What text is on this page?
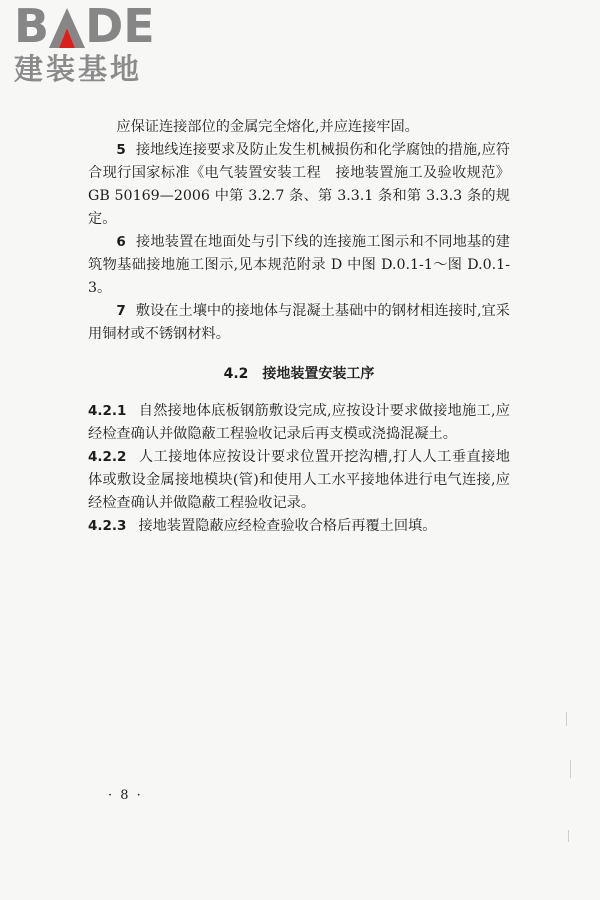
B DE
建装基地

应保证连接部位的金属完全熔化,并应连接牢固。

5 接地线连接要求及防止发生机械损伤和化学腐蚀的措施,应符合现行国家标准《电气装置安装工程　接地装置施工及验收规范》GB 50169—2006 中第 3.2.7 条、第 3.3.1 条和第 3.3.3 条的规定。

6 接地装置在地面处与引下线的连接施工图示和不同地基的建筑物基础接地施工图示,见本规范附录 D 中图 D.0.1-1～图 D.0.1-3。

7 敷设在土壤中的接地体与混凝土基础中的钢材相连接时,宜采用铜材或不锈钢材料。

4.2 接地装置安装工序

4.2.1 自然接地体底板钢筋敷设完成,应按设计要求做接地施工,应经检查确认并做隐蔽工程验收记录后再支模或浇捣混凝土。

4.2.2 人工接地体应按设计要求位置开挖沟槽,打人人工垂直接地体或敷设金属接地模块(管)和使用人工水平接地体进行电气连接,应经检查确认并做隐蔽工程验收记录。

4.2.3 接地装置隐蔽应经检查验收合格后再覆土回填。

· 8 ·
